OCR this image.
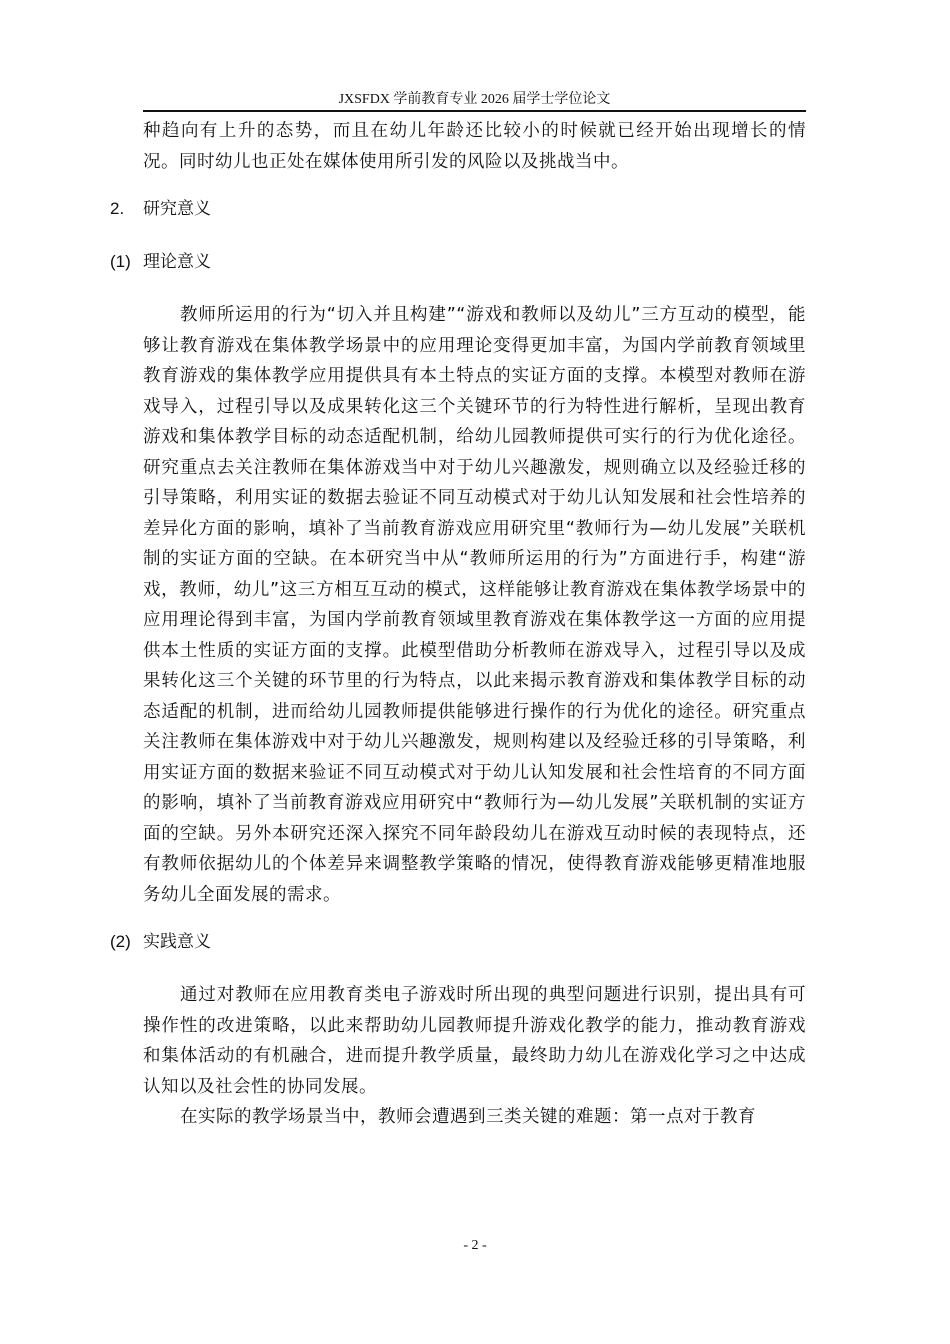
JXSFDX 学前教育专业 2026 届学士学位论文

种趋向有上升的态势，而且在幼儿年龄还比较小的时候就已经开始出现增长的情况。同时幼儿也正处在媒体使用所引发的风险以及挑战当中。

2. 研究意义
(1) 理论意义

教师所运用的行为“切入并且构建”“游戏和教师以及幼儿”三方互动的模型，能够让教育游戏在集体教学场景中的应用理论变得更加丰富，为国内学前教育领域里教育游戏的集体教学应用提供具有本土特点的实证方面的支撑。本模型对教师在游戏导入，过程引导以及成果转化这三个关键环节的行为特性进行解析，呈现出教育游戏和集体教学目标的动态适配机制，给幼儿园教师提供可实行的行为优化途径。研究重点去关注教师在集体游戏当中对于幼儿兴趣激发，规则确立以及经验迁移的引导策略，利用实证的数据去验证不同互动模式对于幼儿认知发展和社会性培养的差异化方面的影响，填补了当前教育游戏应用研究里“教师行为—幼儿发展”关联机制的实证方面的空缺。在本研究当中从“教师所运用的行为”方面进行手，构建“游戏，教师，幼儿”这三方相互互动的模式，这样能够让教育游戏在集体教学场景中的应用理论得到丰富，为国内学前教育领域里教育游戏在集体教学这一方面的应用提供本土性质的实证方面的支撑。此模型借助分析教师在游戏导入，过程引导以及成果转化这三个关键的环节里的行为特点，以此来揭示教育游戏和集体教学目标的动态适配的机制，进而给幼儿园教师提供能够进行操作的行为优化的途径。研究重点关注教师在集体游戏中对于幼儿兴趣激发，规则构建以及经验迁移的引导策略，利用实证方面的数据来验证不同互动模式对于幼儿认知发展和社会性培育的不同方面的影响，填补了当前教育游戏应用研究中“教师行为—幼儿发展”关联机制的实证方面的空缺。另外本研究还深入探究不同年龄段幼儿在游戏互动时候的表现特点，还有教师依据幼儿的个体差异来调整教学策略的情况，使得教育游戏能够更精准地服务幼儿全面发展的需求。

(2) 实践意义

通过对教师在应用教育类电子游戏时所出现的典型问题进行识别，提出具有可操作性的改进策略，以此来帮助幼儿园教师提升游戏化教学的能力，推动教育游戏和集体活动的有机融合，进而提升教学质量，最终助力幼儿在游戏化学习之中达成认知以及社会性的协同发展。

在实际的教学场景当中，教师会遭遇到三类关键的难题：第一点对于教育

- 2 -
